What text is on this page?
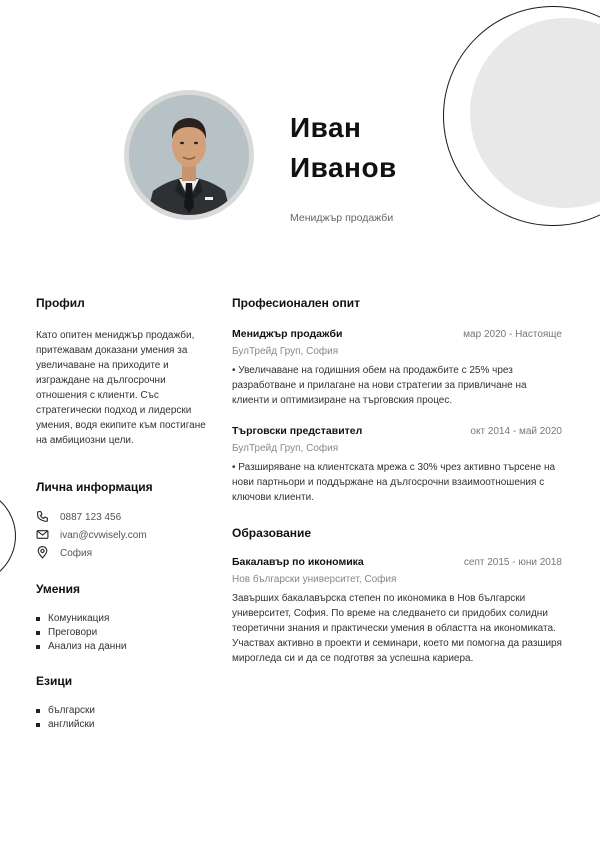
Иван
Иванов
Мениджър продажби
Профил

Като опитен мениджър продажби, притежавам доказани умения за увеличаване на приходите и изграждане на дългосрочни отношения с клиенти. Със стратегически подход и лидерски умения, водя екипите към постигане на амбициозни цели.

Лична информация
0887 123 456
ivan@cvwisely.com
София
Умения
Комуникация
Преговори
Анализ на данни
Езици
български
английски
Професионален опит
Мениджър продажби	мар 2020 - Настояще
БулТрейд Груп, София
• Увеличаване на годишния обем на продажбите с 25% чрез разработване и прилагане на нови стратегии за привличане на клиенти и оптимизиране на търговския процес.
Търговски представител	окт 2014 - май 2020
БулТрейд Груп, София
• Разширяване на клиентската мрежа с 30% чрез активно търсене на нови партньори и поддържане на дългосрочни взаимоотношения с ключови клиенти.
Образование
Бакалавър по икономика	септ 2015 - юни 2018
Нов български университет, София
Завърших бакалавърска степен по икономика в Нов български университет, София. По време на следването си придобих солидни теоретични знания и практически умения в областта на икономиката. Участвах активно в проекти и семинари, което ми помогна да разширя мирогледа си и да се подготвя за успешна кариера.
